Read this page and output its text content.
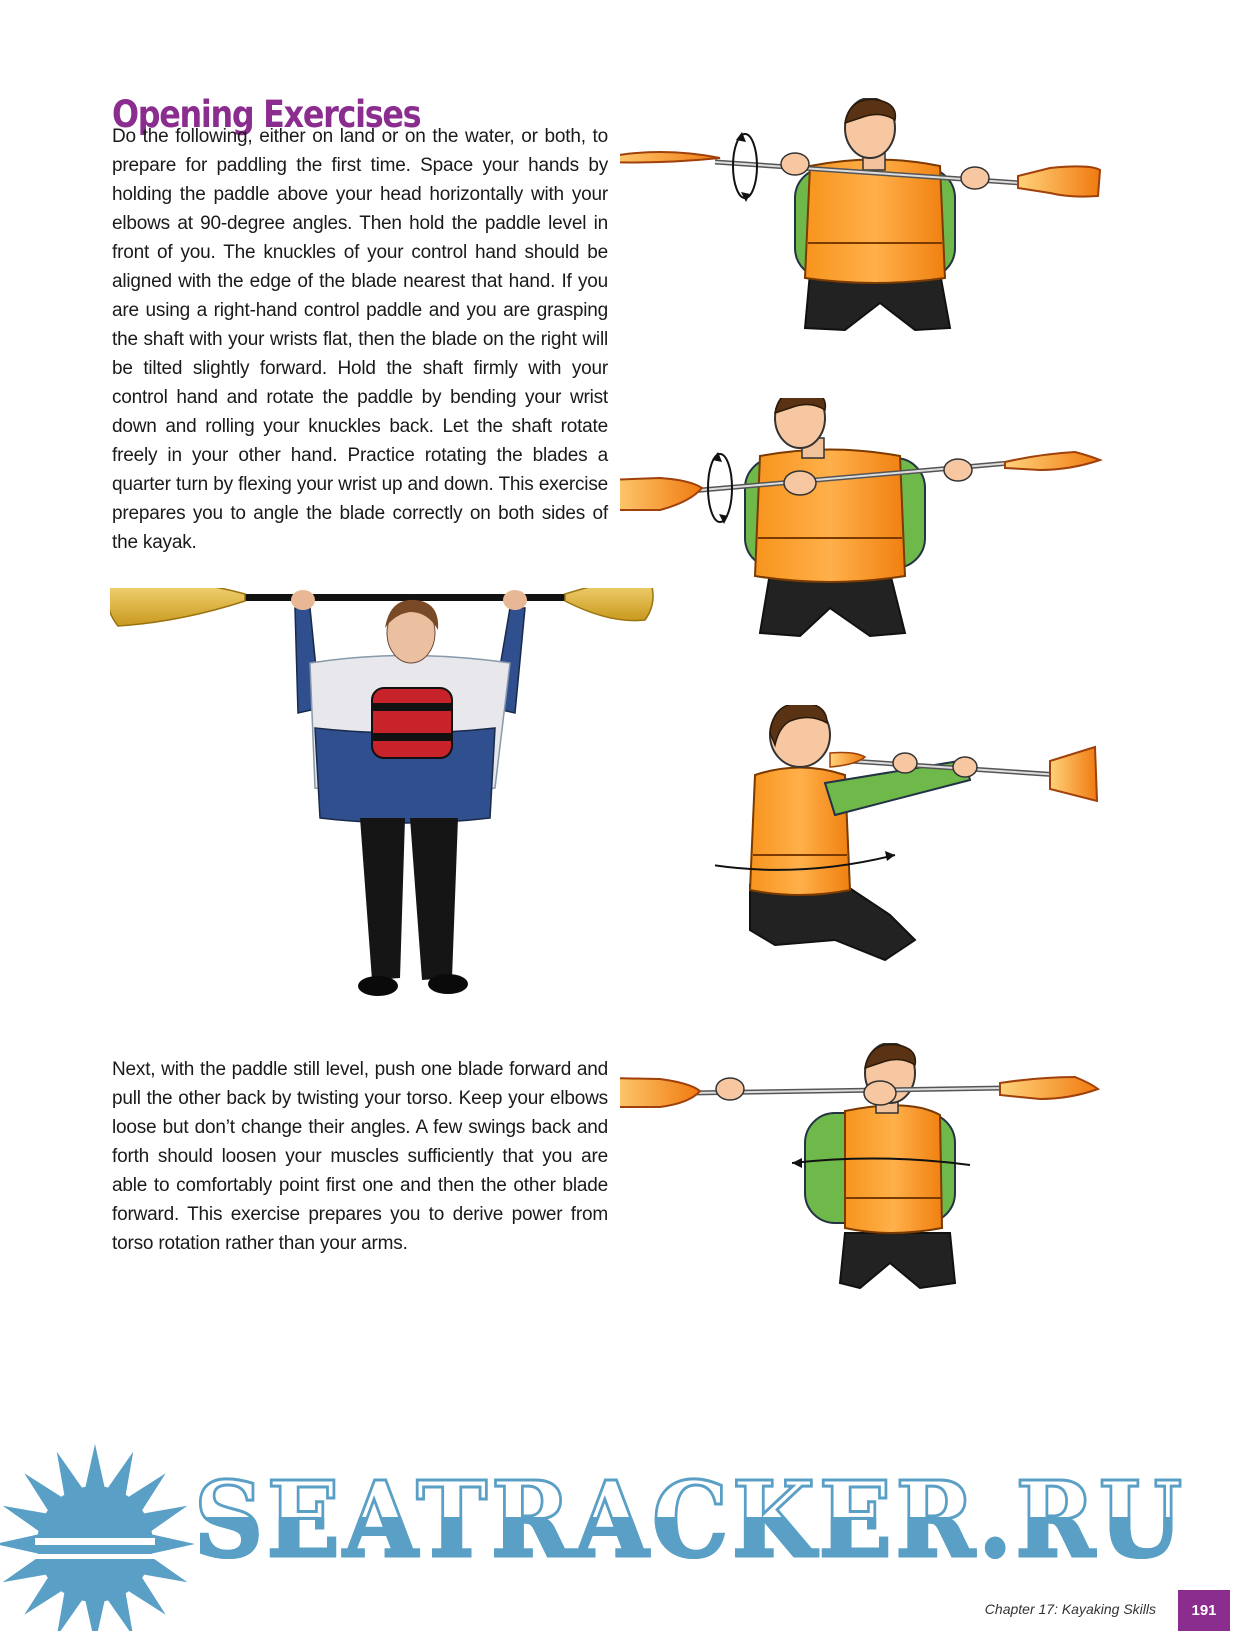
Opening Exercises

Do the following, either on land or on the water, or both, to prepare for paddling the first time. Space your hands by holding the paddle above your head horizontally with your elbows at 90-degree angles. Then hold the paddle level in front of you. The knuckles of your control hand should be aligned with the edge of the blade nearest that hand. If you are using a right-hand control paddle and you are grasping the shaft with your wrists flat, then the blade on the right will be tilted slightly forward. Hold the shaft firmly with your control hand and rotate the paddle by bending your wrist down and rolling your knuckles back. Let the shaft rotate freely in your other hand. Practice rotating the blades a quarter turn by flexing your wrist up and down. This exercise prepares you to angle the blade correctly on both sides of the kayak.

Next, with the paddle still level, push one blade forward and pull the other back by twisting your torso. Keep your elbows loose but don’t change their angles. A few swings back and forth should loosen your muscles sufficiently that you are able to comfortably point first one and then the other blade forward. This exercise prepares you to derive power from torso rotation rather than your arms.

SEATRACKER.RU
Chapter 17: Kayaking Skills	191
